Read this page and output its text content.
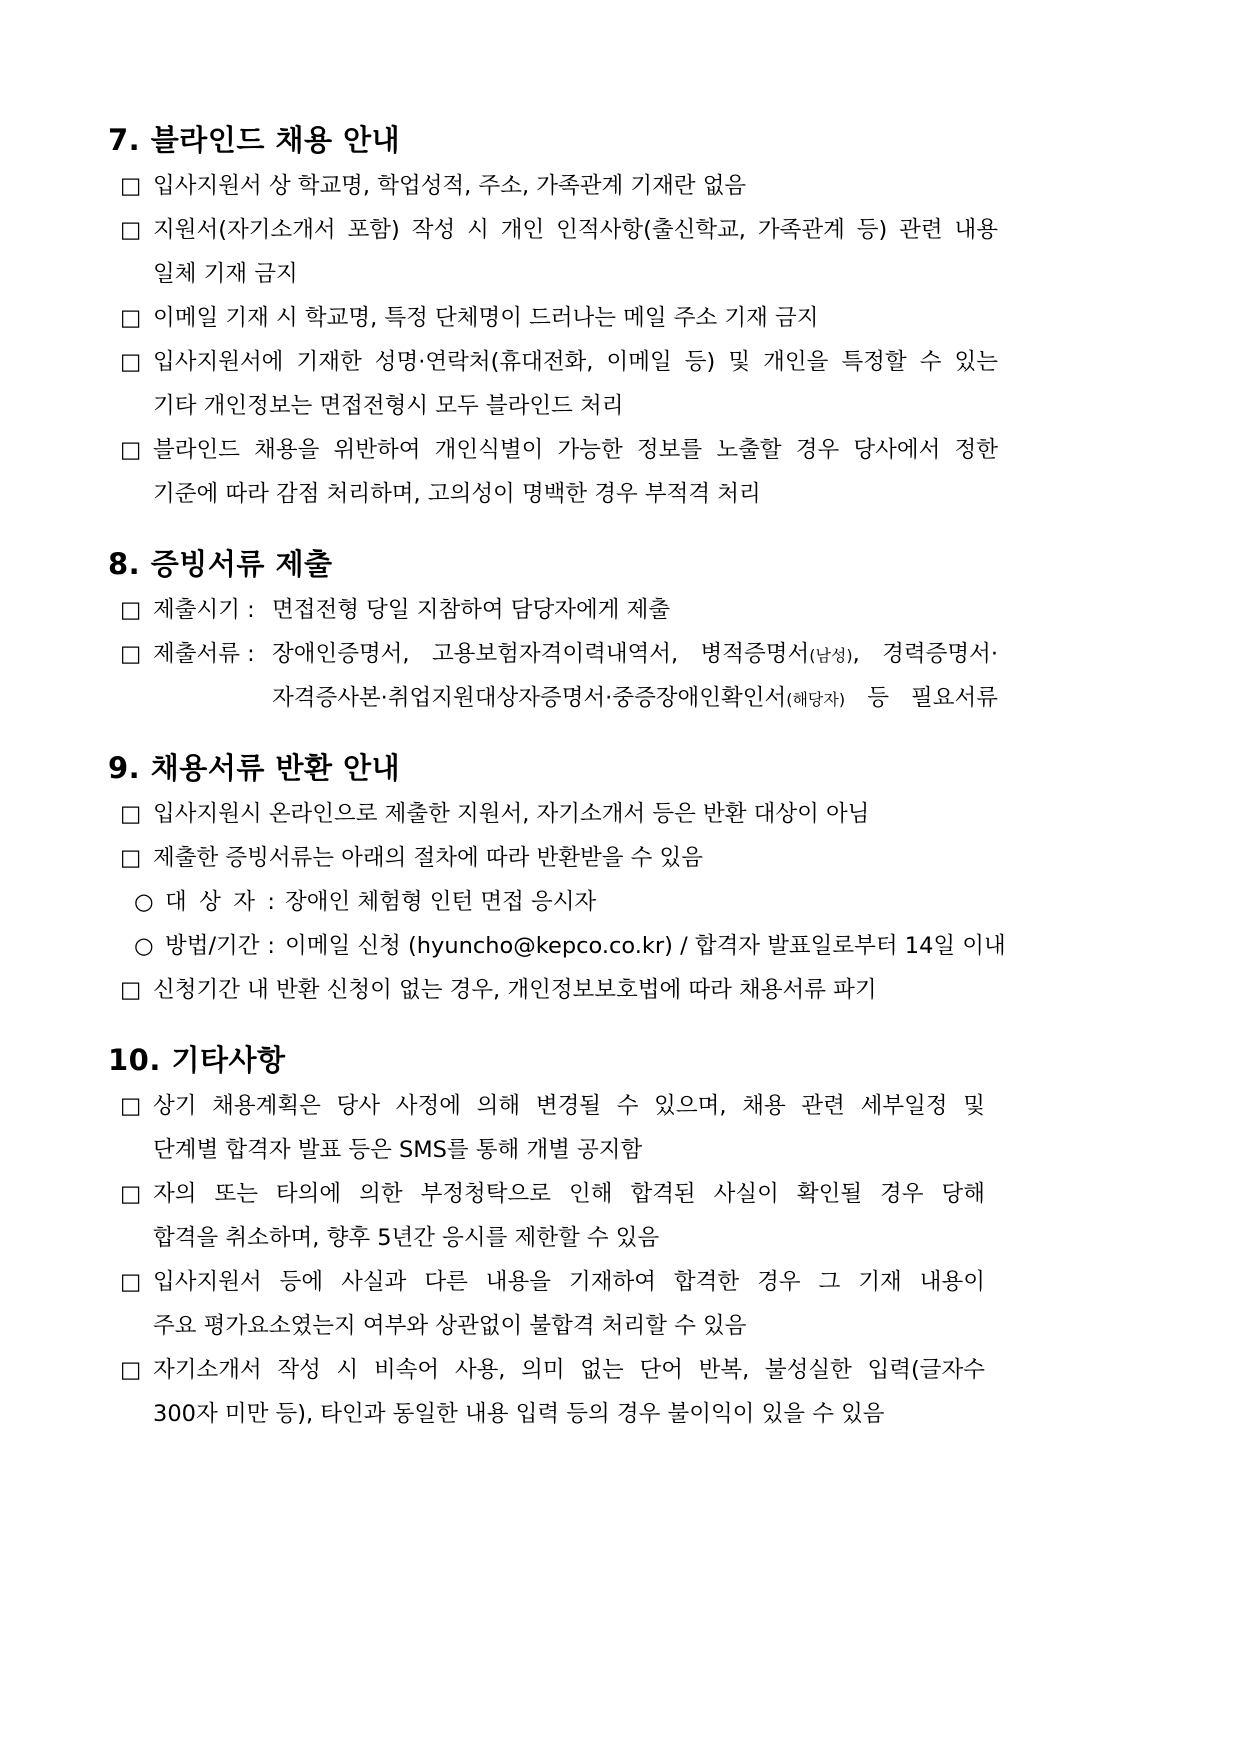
7. 블라인드 채용 안내
□ 입사지원서 상 학교명, 학업성적, 주소, 가족관계 기재란 없음
□ 지원서(자기소개서 포함) 작성 시 개인 인적사항(출신학교, 가족관계 등) 관련 내용
일체 기재 금지
□ 이메일 기재 시 학교명, 특정 단체명이 드러나는 메일 주소 기재 금지
□ 입사지원서에 기재한 성명·연락처(휴대전화, 이메일 등) 및 개인을 특정할 수 있는
기타 개인정보는 면접전형시 모두 블라인드 처리
□ 블라인드 채용을 위반하여 개인식별이 가능한 정보를 노출할 경우 당사에서 정한
기준에 따라 감점 처리하며, 고의성이 명백한 경우 부적격 처리
8. 증빙서류 제출
□ 제출시기 : 면접전형 당일 지참하여 담당자에게 제출
□ 제출서류 : 장애인증명서, 고용보험자격이력내역서, 병적증명서(남성), 경력증명서·
자격증사본·취업지원대상자증명서·중증장애인확인서(해당자) 등 필요서류
9. 채용서류 반환 안내
□ 입사지원시 온라인으로 제출한 지원서, 자기소개서 등은 반환 대상이 아님
□ 제출한 증빙서류는 아래의 절차에 따라 반환받을 수 있음
○ 대 상 자 : 장애인 체험형 인턴 면접 응시자
○ 방법/기간 : 이메일 신청 (hyuncho@kepco.co.kr) / 합격자 발표일로부터 14일 이내
□ 신청기간 내 반환 신청이 없는 경우, 개인정보보호법에 따라 채용서류 파기
10. 기타사항
□ 상기 채용계획은 당사 사정에 의해 변경될 수 있으며, 채용 관련 세부일정 및
단계별 합격자 발표 등은 SMS를 통해 개별 공지함
□ 자의 또는 타의에 의한 부정청탁으로 인해 합격된 사실이 확인될 경우 당해
합격을 취소하며, 향후 5년간 응시를 제한할 수 있음
□ 입사지원서 등에 사실과 다른 내용을 기재하여 합격한 경우 그 기재 내용이
주요 평가요소였는지 여부와 상관없이 불합격 처리할 수 있음
□ 자기소개서 작성 시 비속어 사용, 의미 없는 단어 반복, 불성실한 입력(글자수
300자 미만 등), 타인과 동일한 내용 입력 등의 경우 불이익이 있을 수 있음
